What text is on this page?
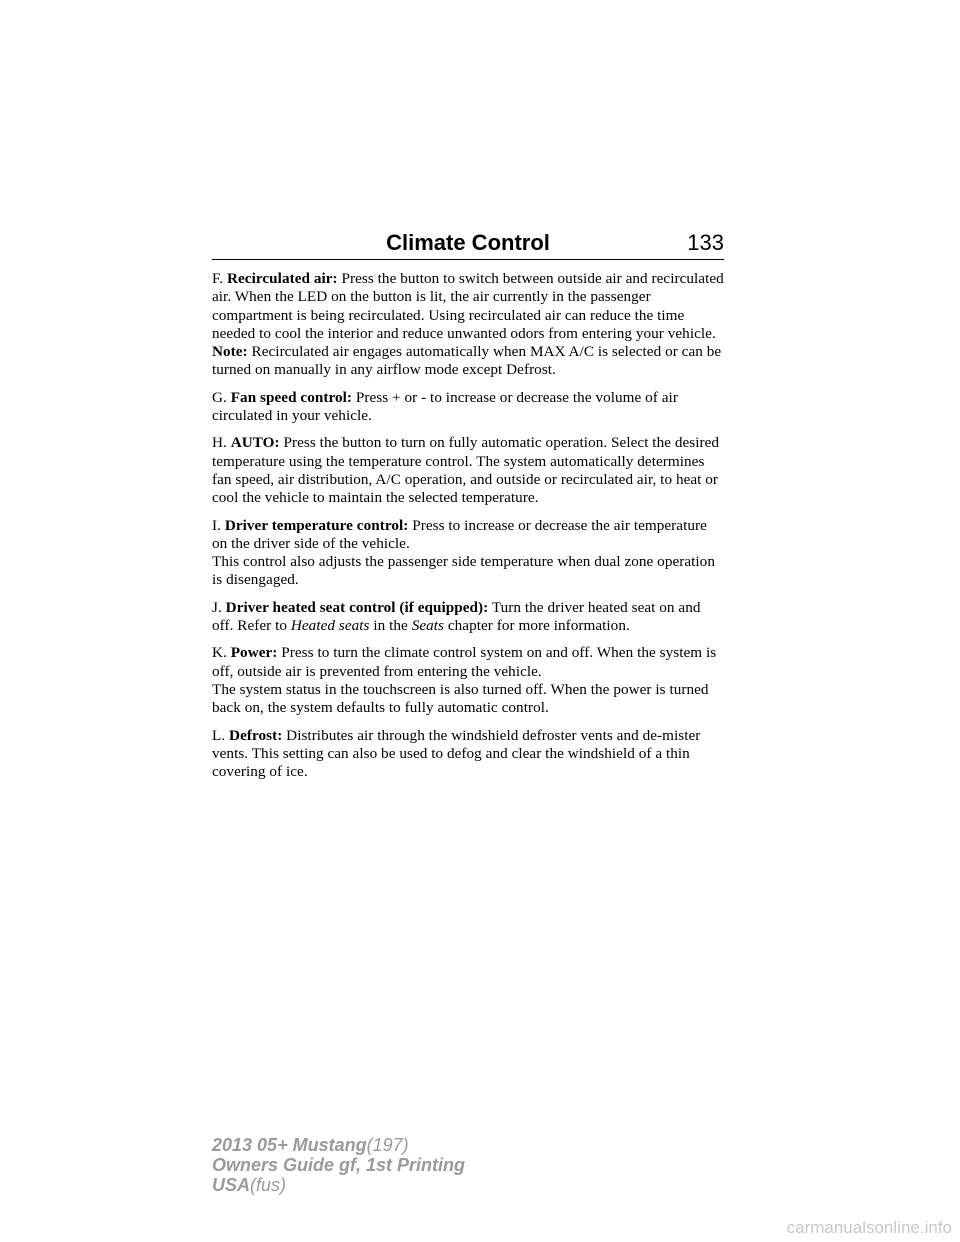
Climate Control	133

F. Recirculated air: Press the button to switch between outside air and recirculated air. When the LED on the button is lit, the air currently in the passenger compartment is being recirculated. Using recirculated air can reduce the time needed to cool the interior and reduce unwanted odors from entering your vehicle.

Note: Recirculated air engages automatically when MAX A/C is selected or can be turned on manually in any airflow mode except Defrost.

G. Fan speed control: Press + or - to increase or decrease the volume of air circulated in your vehicle.

H. AUTO: Press the button to turn on fully automatic operation. Select the desired temperature using the temperature control. The system automatically determines fan speed, air distribution, A/C operation, and outside or recirculated air, to heat or cool the vehicle to maintain the selected temperature.

I. Driver temperature control: Press to increase or decrease the air temperature on the driver side of the vehicle.

This control also adjusts the passenger side temperature when dual zone operation is disengaged.

J. Driver heated seat control (if equipped): Turn the driver heated seat on and off. Refer to Heated seats in the Seats chapter for more information.

K. Power: Press to turn the climate control system on and off. When the system is off, outside air is prevented from entering the vehicle.

The system status in the touchscreen is also turned off. When the power is turned back on, the system defaults to fully automatic control.

L. Defrost: Distributes air through the windshield defroster vents and de-mister vents. This setting can also be used to defog and clear the windshield of a thin covering of ice.

2013 05+ Mustang(197)
Owners Guide gf, 1st Printing
USA(fus)
carmanualsonline.info
